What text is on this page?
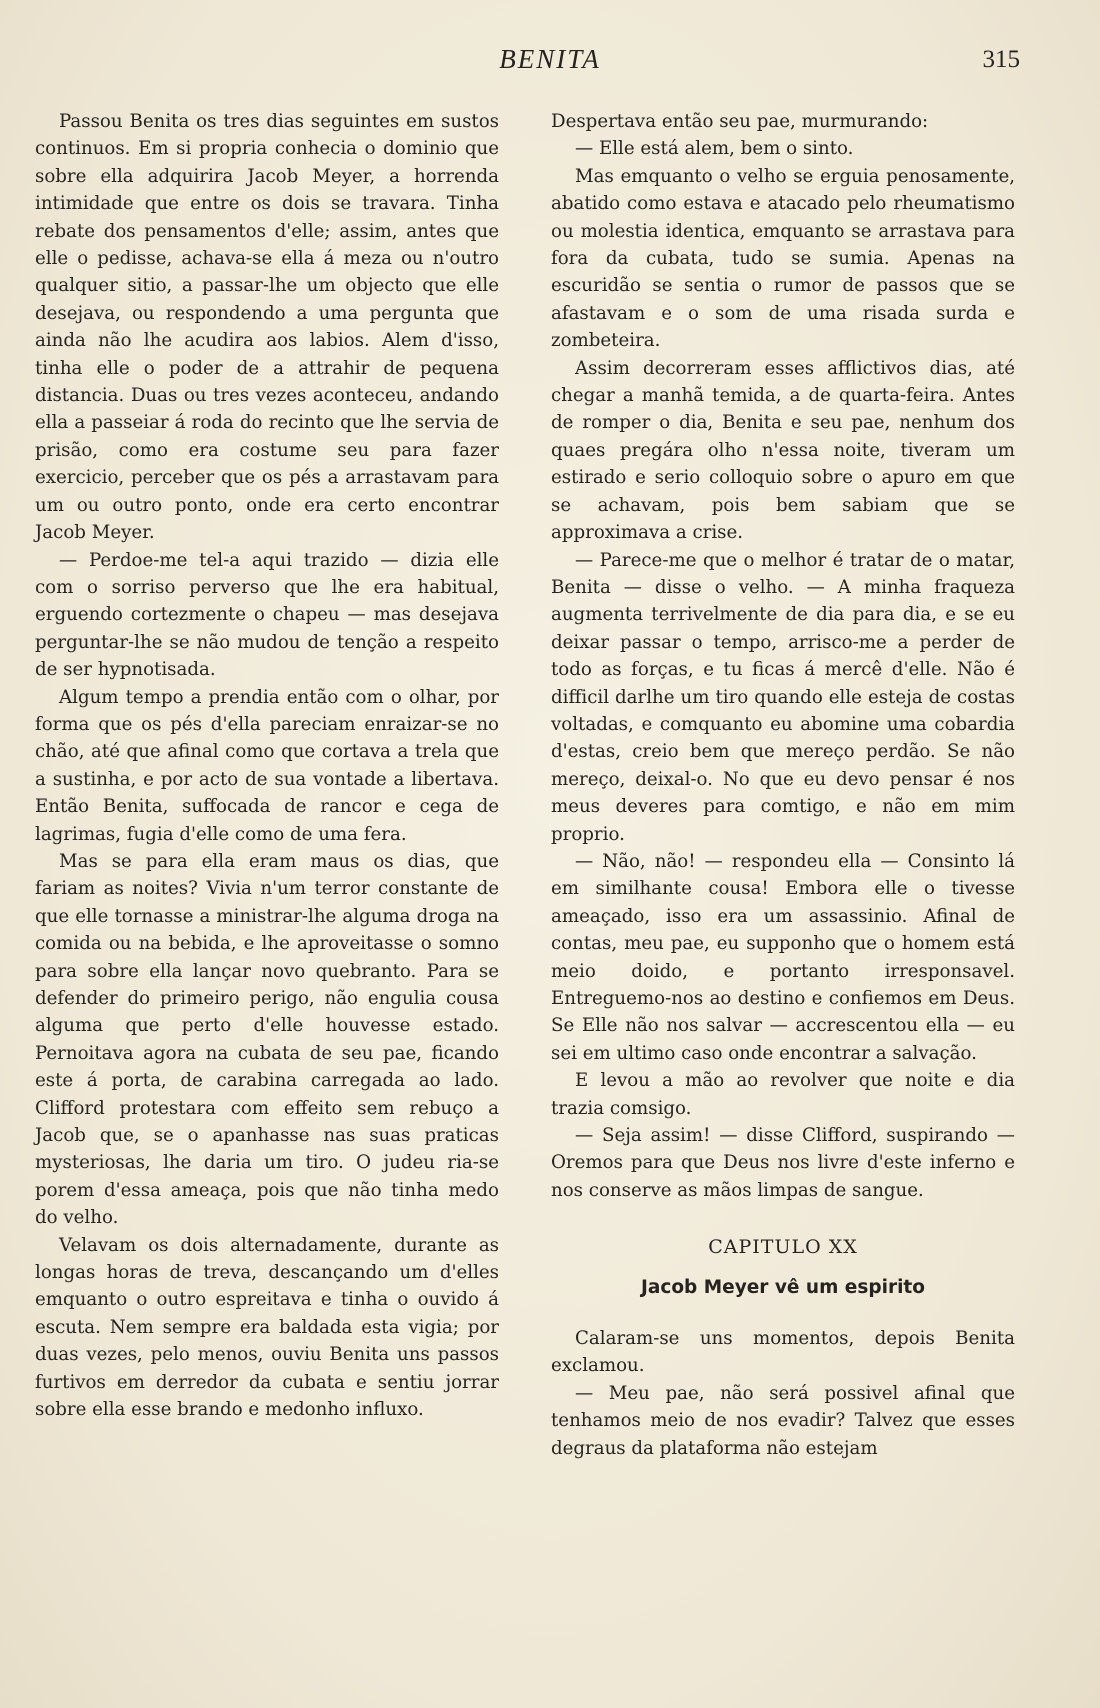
BENITA	315

Passou Benita os tres dias seguintes em sustos continuos. Em si propria conhecia o dominio que sobre ella adquirira Jacob Meyer, a horrenda intimidade que entre os dois se travara. Tinha rebate dos pensamentos d'elle; assim, antes que elle o pedisse, achava-se ella á meza ou n'outro qualquer sitio, a passar-lhe um objecto que elle desejava, ou respondendo a uma pergunta que ainda não lhe acudira aos labios. Alem d'isso, tinha elle o poder de a attrahir de pequena distancia. Duas ou tres vezes aconteceu, andando ella a passeiar á roda do recinto que lhe servia de prisão, como era costume seu para fazer exercicio, perceber que os pés a arrastavam para um ou outro ponto, onde era certo encontrar Jacob Meyer.

— Perdoe-me tel-a aqui trazido — dizia elle com o sorriso perverso que lhe era habitual, erguendo cortezmente o chapeu — mas desejava perguntar-lhe se não mudou de tenção a respeito de ser hypnotisada.

Algum tempo a prendia então com o olhar, por forma que os pés d'ella pareciam enraizar-se no chão, até que afinal como que cortava a trela que a sustinha, e por acto de sua vontade a libertava. Então Benita, suffocada de rancor e cega de lagrimas, fugia d'elle como de uma fera.

Mas se para ella eram maus os dias, que fariam as noites? Vivia n'um terror constante de que elle tornasse a ministrar-lhe alguma droga na comida ou na bebida, e lhe aproveitasse o somno para sobre ella lançar novo quebranto. Para se defender do primeiro perigo, não engulia cousa alguma que perto d'elle houvesse estado. Pernoitava agora na cubata de seu pae, ficando este á porta, de carabina carregada ao lado. Clifford protestara com effeito sem rebuço a Jacob que, se o apanhasse nas suas praticas mysteriosas, lhe daria um tiro. O judeu ria-se porem d'essa ameaça, pois que não tinha medo do velho.

Velavam os dois alternadamente, durante as longas horas de treva, descançando um d'elles emquanto o outro espreitava e tinha o ouvido á escuta. Nem sempre era baldada esta vigia; por duas vezes, pelo menos, ouviu Benita uns passos furtivos em derredor da cubata e sentiu jorrar sobre ella esse brando e medonho influxo.

Despertava então seu pae, murmurando:

— Elle está alem, bem o sinto.

Mas emquanto o velho se erguia penosamente, abatido como estava e atacado pelo rheumatismo ou molestia identica, emquanto se arrastava para fora da cubata, tudo se sumia. Apenas na escuridão se sentia o rumor de passos que se afastavam e o som de uma risada surda e zombeteira.

Assim decorreram esses afflictivos dias, até chegar a manhã temida, a de quarta-feira. Antes de romper o dia, Benita e seu pae, nenhum dos quaes pregára olho n'essa noite, tiveram um estirado e serio colloquio sobre o apuro em que se achavam, pois bem sabiam que se approximava a crise.

— Parece-me que o melhor é tratar de o matar, Benita — disse o velho. — A minha fraqueza augmenta terrivelmente de dia para dia, e se eu deixar passar o tempo, arrisco-me a perder de todo as forças, e tu ficas á mercê d'elle. Não é difficil darlhe um tiro quando elle esteja de costas voltadas, e comquanto eu abomine uma cobardia d'estas, creio bem que mereço perdão. Se não mereço, deixal-o. No que eu devo pensar é nos meus deveres para comtigo, e não em mim proprio.

— Não, não! — respondeu ella — Consinto lá em similhante cousa! Embora elle o tivesse ameaçado, isso era um assassinio. Afinal de contas, meu pae, eu supponho que o homem está meio doido, e portanto irresponsavel. Entreguemo-nos ao destino e confiemos em Deus. Se Elle não nos salvar — accrescentou ella — eu sei em ultimo caso onde encontrar a salvação.

E levou a mão ao revolver que noite e dia trazia comsigo.

— Seja assim! — disse Clifford, suspirando — Oremos para que Deus nos livre d'este inferno e nos conserve as mãos limpas de sangue.

CAPITULO XX
Jacob Meyer vê um espirito

Calaram-se uns momentos, depois Benita exclamou.

— Meu pae, não será possivel afinal que tenhamos meio de nos evadir? Talvez que esses degraus da plataforma não estejam
